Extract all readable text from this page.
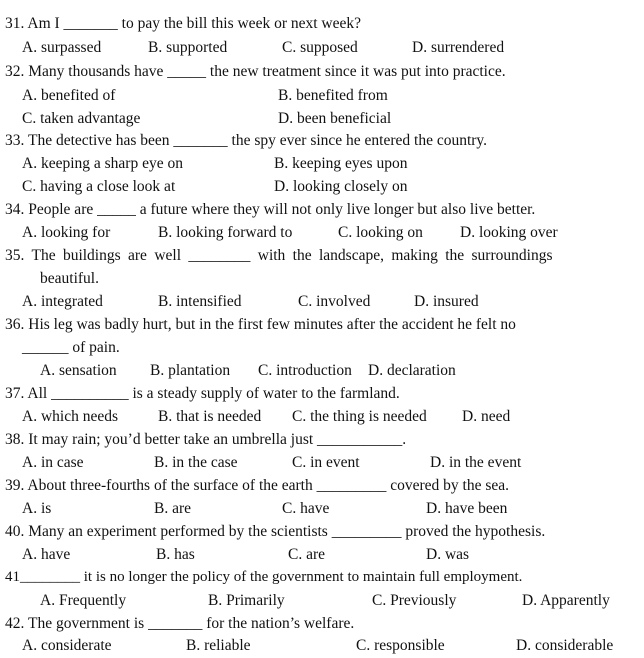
31. Am I _______ to pay the bill this week or next week?
A. surpassed	B. supported	C. supposed	D. surrendered
32. Many thousands have _____ the new treatment since it was put into practice.
A. benefited of	B. benefited from
C. taken advantage	D. been beneficial
33. The detective has been _______ the spy ever since he entered the country.
A. keeping a sharp eye on	B. keeping eyes upon
C. having a close look at	D. looking closely on
34. People are _____ a future where they will not only live longer but also live better.
A. looking for	B. looking forward to	C. looking on D. looking over
35. The buildings are well ________ with the landscape, making the surroundings
beautiful.
A. integrated	B. intensified	C. involved	D. insured
36. His leg was badly hurt, but in the first few minutes after the accident he felt no
______ of pain.
A. sensation B. plantation C. introduction D. declaration
37. All __________ is a steady supply of water to the farmland.
A. which needs	B. that is needed C. the thing is needed D. need
38. It may rain; you’d better take an umbrella just ___________.
A. in case	B. in the case	C. in event	D. in the event
39. About three-fourths of the surface of the earth _________ covered by the sea.
A. is	B. are	C. have	D. have been
40. Many an experiment performed by the scientists _________ proved the hypothesis.
A. have	B. has	C. are	D. was
41________ it is no longer the policy of the government to maintain full employment.
A. Frequently	B. Primarily	C. Previously	D. Apparently
42. The government is _______ for the nation’s welfare.
A. considerate	B. reliable	C. responsible	D. considerable
